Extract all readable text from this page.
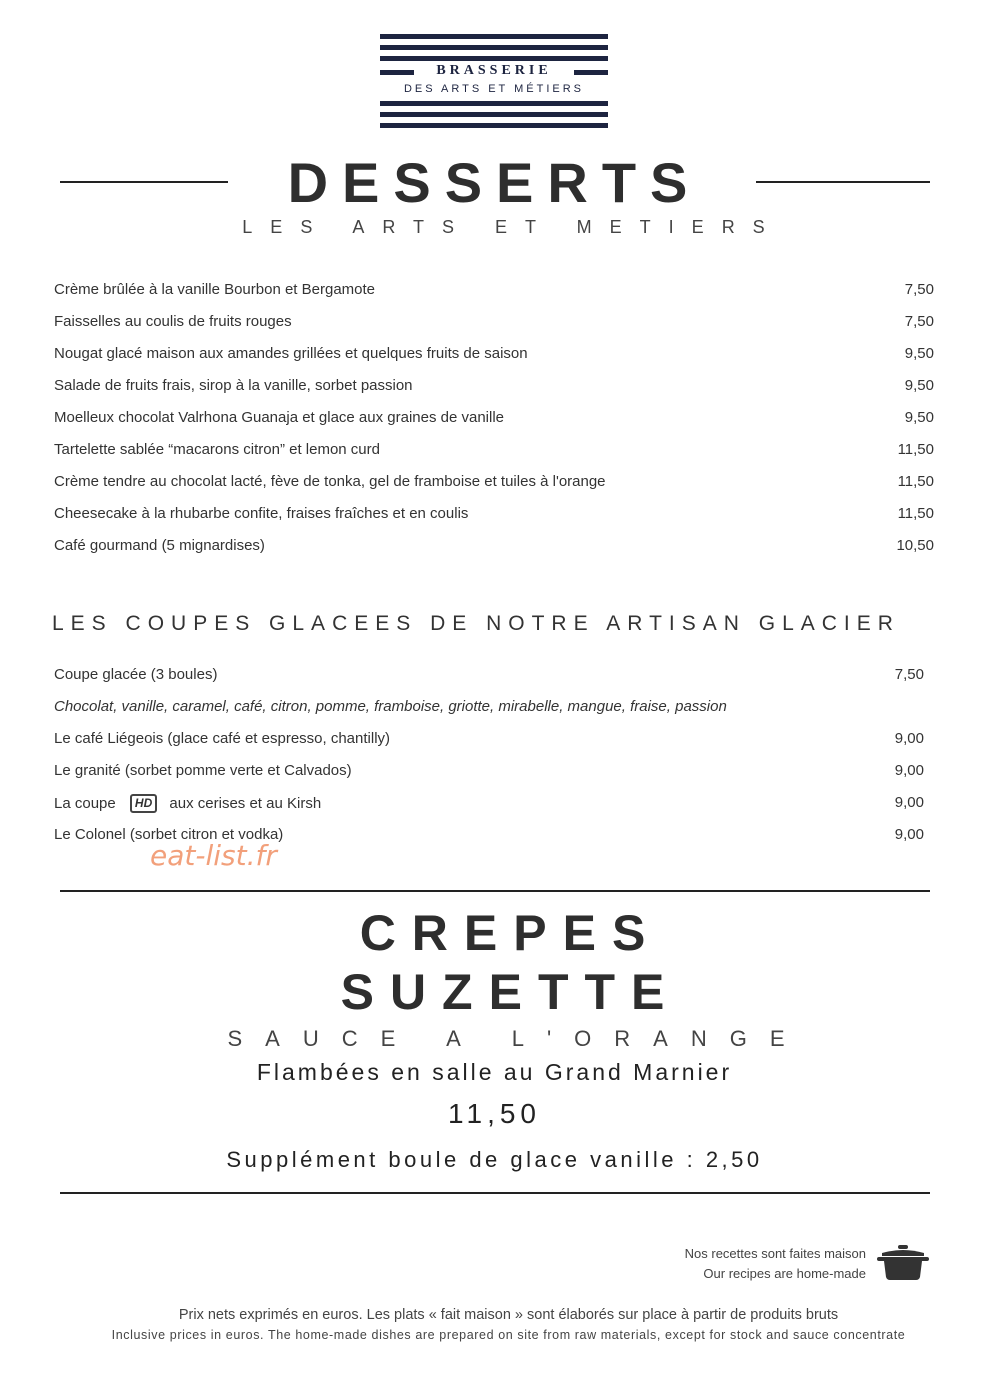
BRASSERIE
DES ARTS ET MÉTIERS
DESSERTS
LES ARTS ET METIERS
Crème brûlée à la vanille Bourbon et Bergamote	7,50
Faisselles au coulis de fruits rouges	7,50
Nougat glacé maison aux amandes grillées et quelques fruits de saison	9,50
Salade de fruits frais, sirop à la vanille, sorbet passion	9,50
Moelleux chocolat Valrhona Guanaja et glace aux graines de vanille	9,50
Tartelette sablée “macarons citron” et lemon curd	11,50
Crème tendre au chocolat lacté, fève de tonka, gel de framboise et tuiles à l'orange	11,50
Cheesecake à la rhubarbe confite, fraises fraîches et en coulis	11,50
Café gourmand (5 mignardises)	10,50
LES COUPES GLACEES DE NOTRE ARTISAN GLACIER
Coupe glacée (3 boules)	7,50
Chocolat, vanille, caramel, café, citron, pomme, framboise, griotte, mirabelle, mangue, fraise, passion
Le café Liégeois (glace café et espresso, chantilly)	9,00
Le granité (sorbet pomme verte et Calvados)	9,00
La coupe HD aux cerises et au Kirsh	9,00
Le Colonel (sorbet citron et vodka)	9,00
eat-list.fr
CREPES
SUZETTE
SAUCE A L'ORANGE
Flambées en salle au Grand Marnier
11,50
Supplément boule de glace vanille : 2,50
Nos recettes sont faites maison
Our recipes are home-made
Prix nets exprimés en euros. Les plats « fait maison » sont élaborés sur place à partir de produits bruts
Inclusive prices in euros. The home-made dishes are prepared on site from raw materials, except for stock and sauce concentrate
